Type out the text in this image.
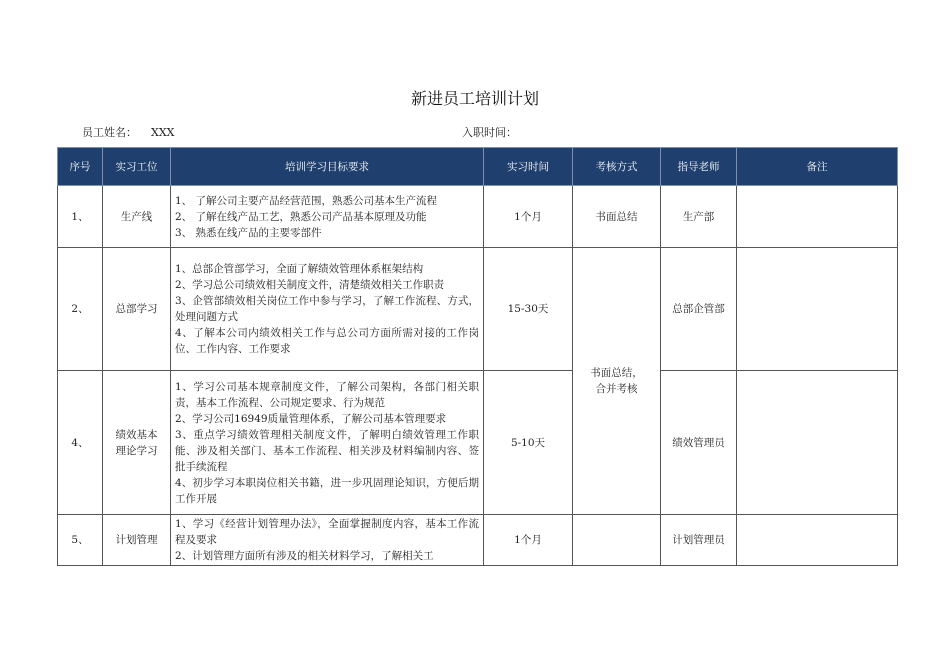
新进员工培训计划
员工姓名： XXX	入职时间：
序号	实习工位	培训学习目标要求	实习时间	考核方式	指导老师	备注
1、	生产线	1、 了解公司主要产品经营范围，熟悉公司基本生产流程
2、 了解在线产品工艺，熟悉公司产品基本原理及功能
3、 熟悉在线产品的主要零部件	1个月	书面总结	生产部	
2、	总部学习	1、总部企管部学习，全面了解绩效管理体系框架结构
2、学习总公司绩效相关制度文件，清楚绩效相关工作职责
3、企管部绩效相关岗位工作中参与学习，了解工作流程、方式，处理问题方式
4、了解本公司内绩效相关工作与总公司方面所需对接的工作岗位、工作内容、工作要求	15-30天	书面总结，合并考核	总部企管部	
4、	绩效基本理论学习	1、学习公司基本规章制度文件，了解公司架构，各部门相关职责，基本工作流程、公司规定要求、行为规范
2、学习公司16949质量管理体系，了解公司基本管理要求
3、重点学习绩效管理相关制度文件，了解明白绩效管理工作职能、涉及相关部门、基本工作流程、相关涉及材料编制内容、签批手续流程
4、初步学习本职岗位相关书籍，进一步巩固理论知识，方便后期工作开展	5-10天		绩效管理员	
5、	计划管理	1、学习《经营计划管理办法》，全面掌握制度内容，基本工作流程及要求
2、计划管理方面所有涉及的相关材料学习，了解相关工	1个月		计划管理员	
